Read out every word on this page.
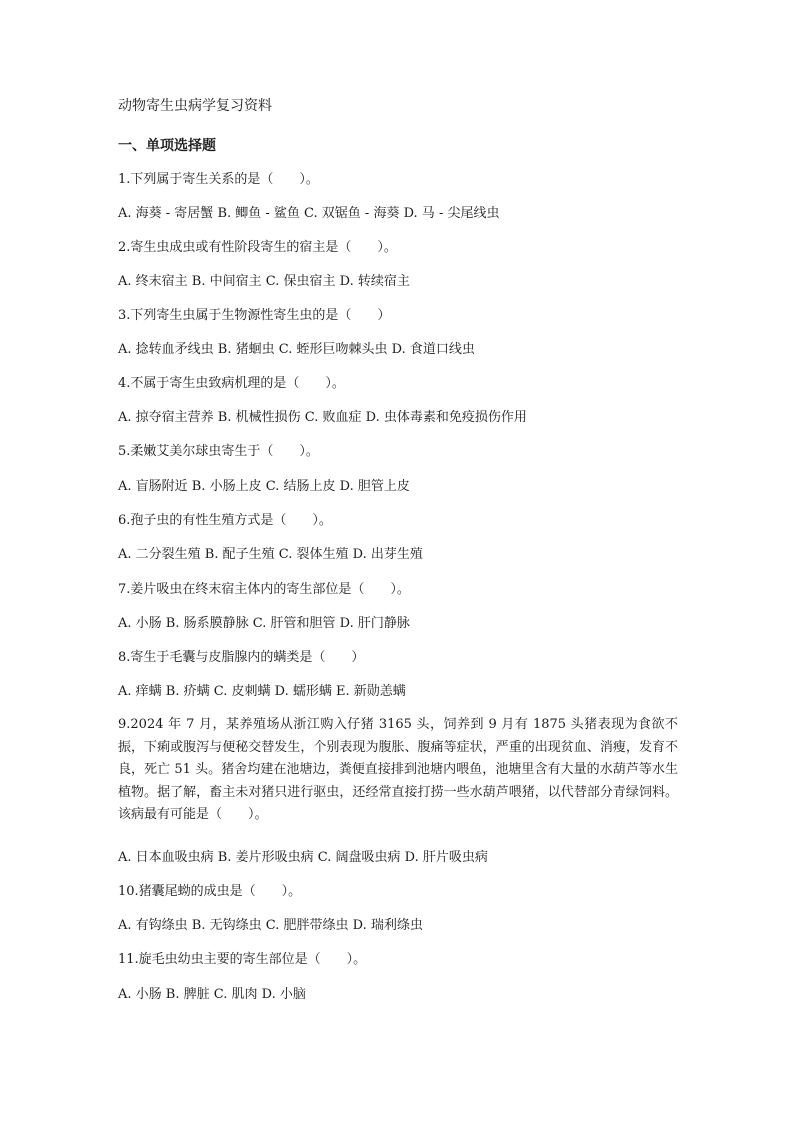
动物寄生虫病学复习资料
一、单项选择题
1.下列属于寄生关系的是（　　）。
A. 海葵 - 寄居蟹 B. 鲫鱼 - 鲨鱼 C. 双锯鱼 - 海葵 D. 马 - 尖尾线虫
2.寄生虫成虫或有性阶段寄生的宿主是（　　）。
A. 终末宿主 B. 中间宿主 C. 保虫宿主 D. 转续宿主
3.下列寄生虫属于生物源性寄生虫的是（　　）
A. 捻转血矛线虫 B. 猪蛔虫 C. 蛭形巨吻棘头虫 D. 食道口线虫
4.不属于寄生虫致病机理的是（　　）。
A. 掠夺宿主营养 B. 机械性损伤 C. 败血症 D. 虫体毒素和免疫损伤作用
5.柔嫩艾美尔球虫寄生于（　　）。
A. 盲肠附近 B. 小肠上皮 C. 结肠上皮 D. 胆管上皮
6.孢子虫的有性生殖方式是（　　）。
A. 二分裂生殖 B. 配子生殖 C. 裂体生殖 D. 出芽生殖
7.姜片吸虫在终末宿主体内的寄生部位是（　　）。
A. 小肠 B. 肠系膜静脉 C. 肝管和胆管 D. 肝门静脉
8.寄生于毛囊与皮脂腺内的螨类是（　　）
A. 痒螨 B. 疥螨 C. 皮刺螨 D. 蠕形螨 E. 新勋恙螨
9.2024 年 7 月，某养殖场从浙江购入仔猪 3165 头，饲养到 9 月有 1875 头猪表现为食欲不振，下痢或腹泻与便秘交替发生，个别表现为腹胀、腹痛等症状，严重的出现贫血、消瘦，发育不良，死亡 51 头。猪舍均建在池塘边，粪便直接排到池塘内喂鱼，池塘里含有大量的水葫芦等水生植物。据了解，畜主未对猪只进行驱虫，还经常直接打捞一些水葫芦喂猪，以代替部分青绿饲料。该病最有可能是（　　）。
A. 日本血吸虫病 B. 姜片形吸虫病 C. 阔盘吸虫病 D. 肝片吸虫病
10.猪囊尾蚴的成虫是（　　）。
A. 有钩绦虫 B. 无钩绦虫 C. 肥胖带绦虫 D. 瑞利绦虫
11.旋毛虫幼虫主要的寄生部位是（　　）。
A. 小肠 B. 脾脏 C. 肌肉 D. 小脑
